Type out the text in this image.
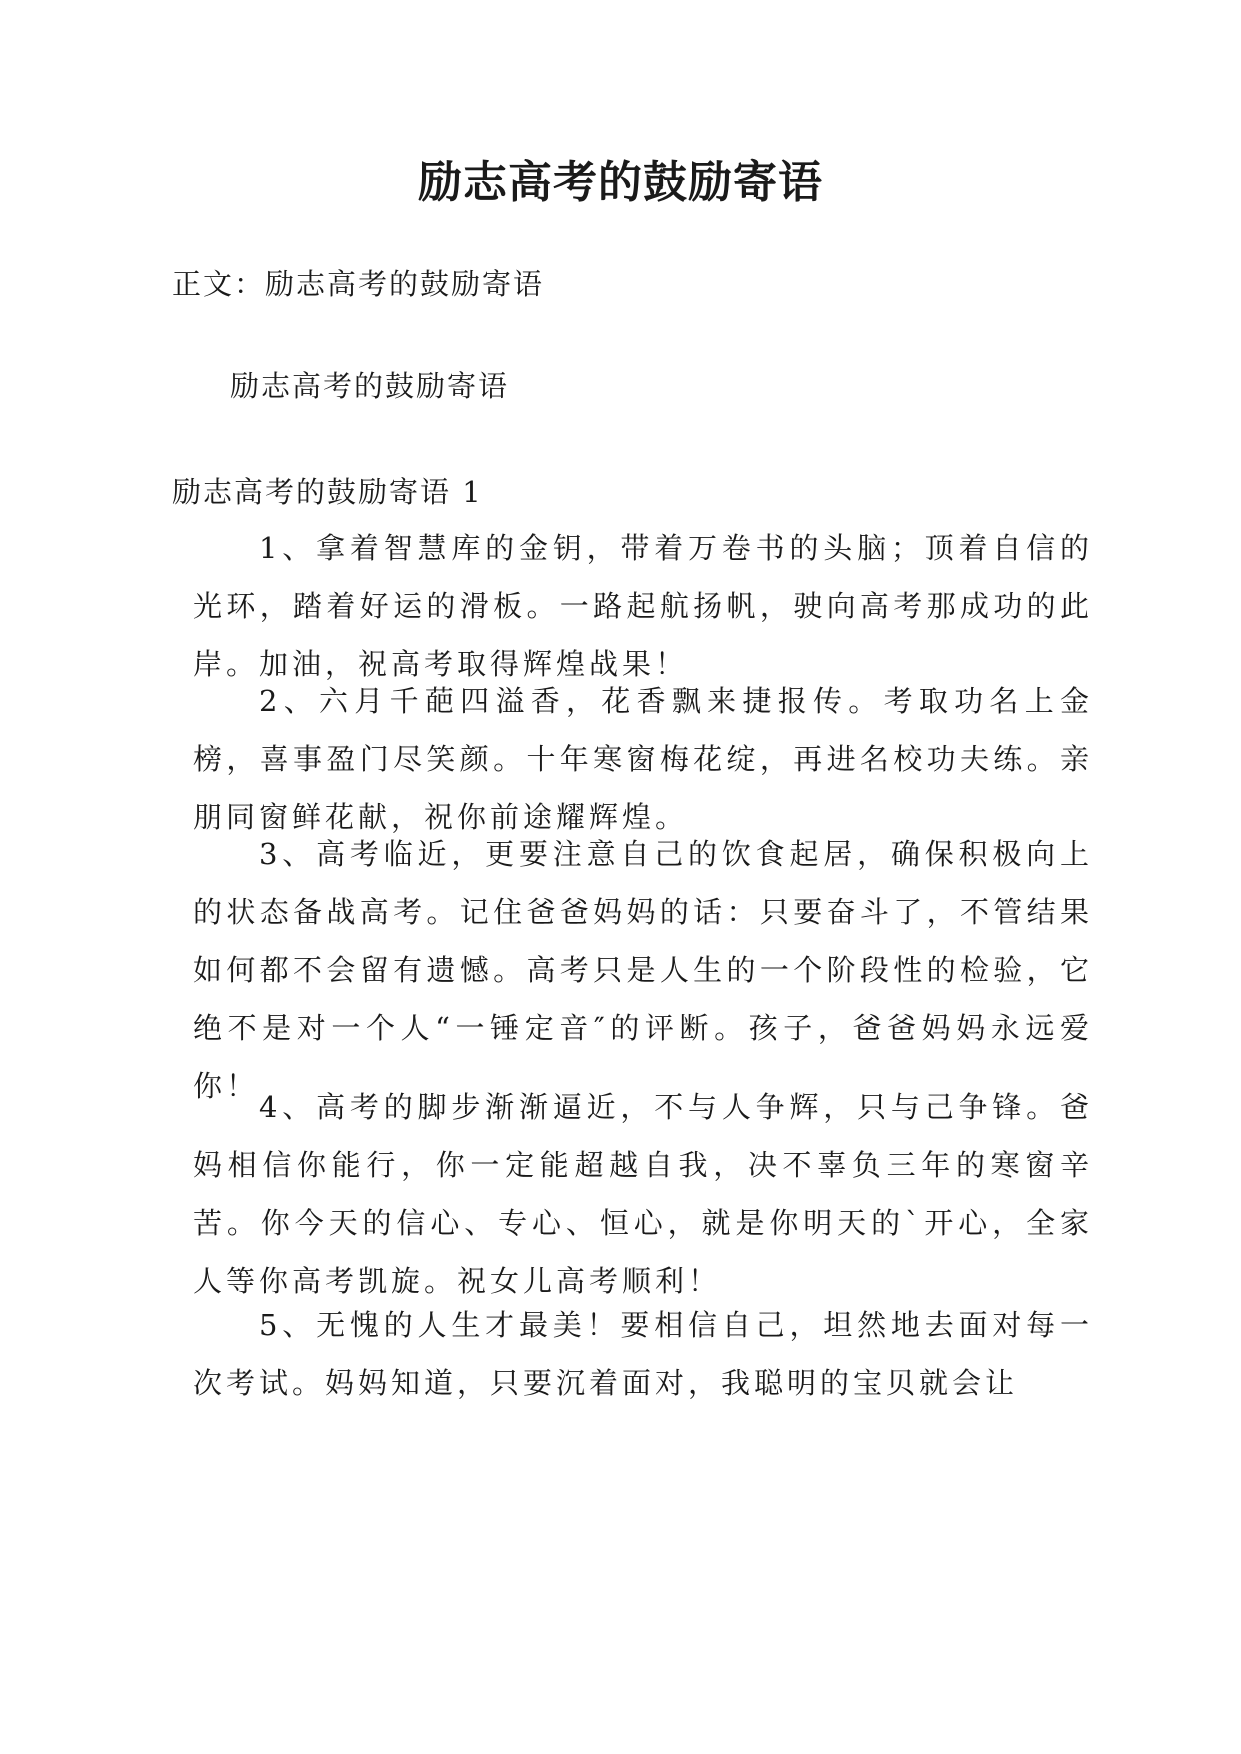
励志高考的鼓励寄语

正文：励志高考的鼓励寄语

励志高考的鼓励寄语

励志高考的鼓励寄语 1

1、拿着智慧库的金钥，带着万卷书的头脑；顶着自信的光环，踏着好运的滑板。一路起航扬帆，驶向高考那成功的此岸。加油，祝高考取得辉煌战果！

2、六月千葩四溢香，花香飘来捷报传。考取功名上金榜，喜事盈门尽笑颜。十年寒窗梅花绽，再进名校功夫练。亲朋同窗鲜花献，祝你前途耀辉煌。

3、高考临近，更要注意自己的饮食起居，确保积极向上的状态备战高考。记住爸爸妈妈的话：只要奋斗了，不管结果如何都不会留有遗憾。高考只是人生的一个阶段性的检验，它绝不是对一个人“一锤定音″的评断。孩子，爸爸妈妈永远爱你！

4、高考的脚步渐渐逼近，不与人争辉，只与己争锋。爸妈相信你能行，你一定能超越自我，决不辜负三年的寒窗辛苦。你今天的信心、专心、恒心，就是你明天的`开心，全家人等你高考凯旋。祝女儿高考顺利！

5、无愧的人生才最美！要相信自己，坦然地去面对每一次考试。妈妈知道，只要沉着面对，我聪明的宝贝就会让
